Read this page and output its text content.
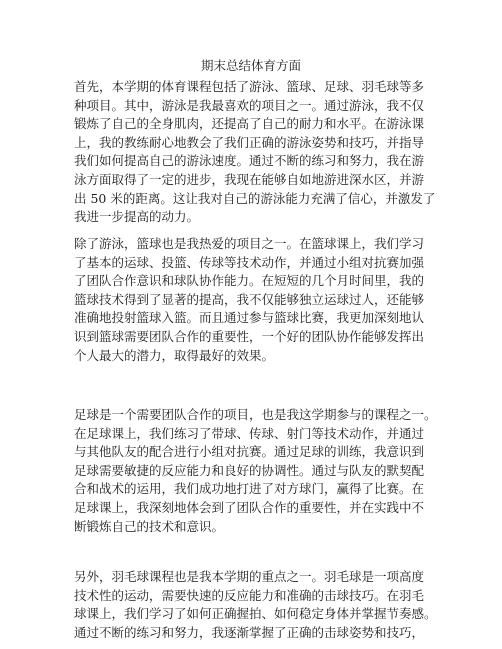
期末总结体育方面
首先，本学期的体育课程包括了游泳、篮球、足球、羽毛球等多
种项目。其中，游泳是我最喜欢的项目之一。通过游泳，我不仅
锻炼了自己的全身肌肉，还提高了自己的耐力和水平。在游泳课
上，我的教练耐心地教会了我们正确的游泳姿势和技巧，并指导
我们如何提高自己的游泳速度。通过不断的练习和努力，我在游
泳方面取得了一定的进步，我现在能够自如地游进深水区，并游
出 50 米的距离。这让我对自己的游泳能力充满了信心，并激发了
我进一步提高的动力。
除了游泳，篮球也是我热爱的项目之一。在篮球课上，我们学习
了基本的运球、投篮、传球等技术动作，并通过小组对抗赛加强
了团队合作意识和球队协作能力。在短短的几个月时间里，我的
篮球技术得到了显著的提高，我不仅能够独立运球过人，还能够
准确地投射篮球入篮。而且通过参与篮球比赛，我更加深刻地认
识到篮球需要团队合作的重要性，一个好的团队协作能够发挥出
个人最大的潜力，取得最好的效果。
足球是一个需要团队合作的项目，也是我这学期参与的课程之一。
在足球课上，我们练习了带球、传球、射门等技术动作，并通过
与其他队友的配合进行小组对抗赛。通过足球的训练，我意识到
足球需要敏捷的反应能力和良好的协调性。通过与队友的默契配
合和战术的运用，我们成功地打进了对方球门，赢得了比赛。在
足球课上，我深刻地体会到了团队合作的重要性，并在实践中不
断锻炼自己的技术和意识。
另外，羽毛球课程也是我本学期的重点之一。羽毛球是一项高度
技术性的运动，需要快速的反应能力和准确的击球技巧。在羽毛
球课上，我们学习了如何正确握拍、如何稳定身体并掌握节奏感。
通过不断的练习和努力，我逐渐掌握了正确的击球姿势和技巧，
